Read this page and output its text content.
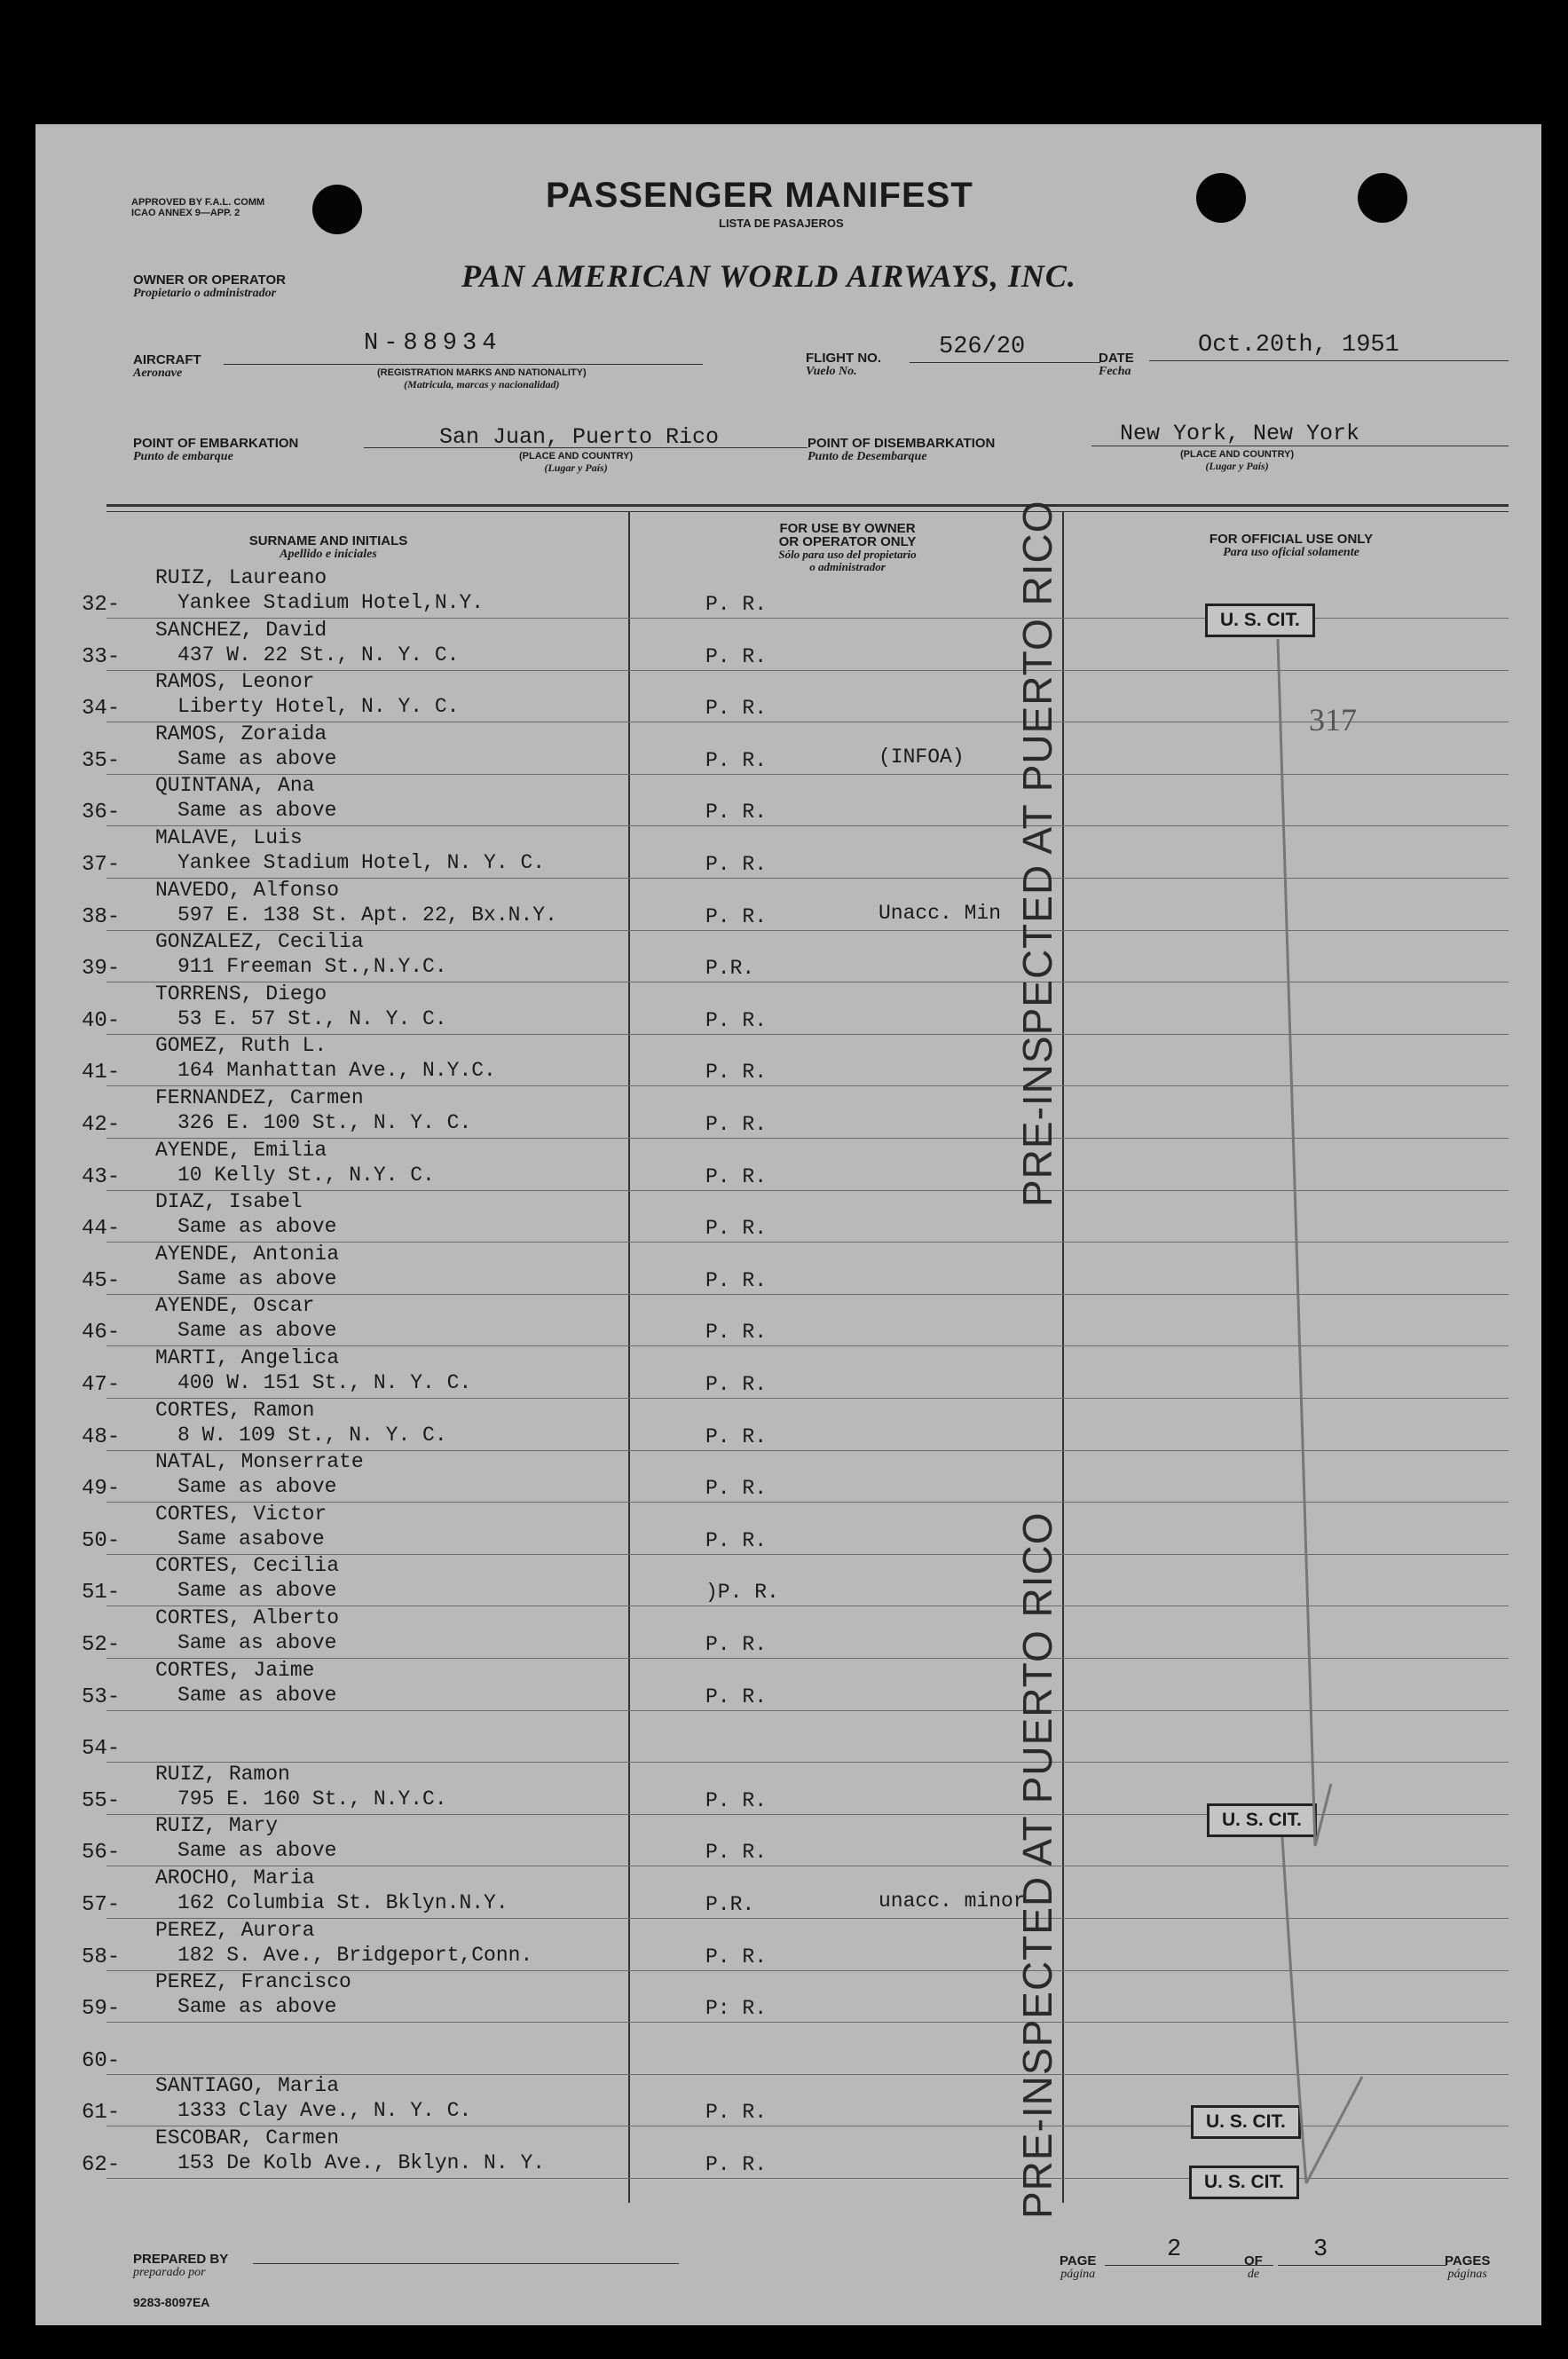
APPROVED BY F.A.L. COMM
ICAO ANNEX 9—APP. 2	PASSENGER MANIFEST
LISTA DE PASAJEROS
OWNER OR OPERATOR
Propietario o administrador	PAN AMERICAN WORLD AIRWAYS, INC.
AIRCRAFT
Aeronave
N-88934
(REGISTRATION MARKS AND NATIONALITY)
(Matricula, marcas y nacionalidad)
FLIGHT NO.
Vuelo No.
526/20	DATE
Fecha
Oct.20th, 1951
POINT OF EMBARKATION
Punto de embarque
San Juan, Puerto Rico
(PLACE AND COUNTRY)
(Lugar y País)
POINT OF DISEMBARKATION
Punto de Desembarque
New York, New York
(PLACE AND COUNTRY)
(Lugar y País)
SURNAME AND INITIALS
Apellido e iniciales
FOR USE BY OWNER
OR OPERATOR ONLY
Sólo para uso del propietario
o administrador
FOR OFFICIAL USE ONLY
Para uso oficial solamente
RUIZ, Laureano
Yankee Stadium Hotel,N.Y.
32-	P. R.
SANCHEZ, David
437 W. 22 St., N. Y. C.
33-	P. R.
RAMOS, Leonor
Liberty Hotel, N. Y. C.
34-	P. R.
RAMOS, Zoraida
Same as above
35-	P. R.	(INFOA)
QUINTANA, Ana
Same as above
36-	P. R.
MALAVE, Luis
Yankee Stadium Hotel, N. Y. C.
37-	P. R.
NAVEDO, Alfonso
597 E. 138 St. Apt. 22, Bx.N.Y.
38-	P. R.	Unacc. Min
GONZALEZ, Cecilia
911 Freeman St.,N.Y.C.
39-	P.R.
TORRENS, Diego
53 E. 57 St., N. Y. C.
40-	P. R.
GOMEZ, Ruth L.
164 Manhattan Ave., N.Y.C.
41-	P. R.
FERNANDEZ, Carmen
326 E. 100 St., N. Y. C.
42-	P. R.
AYENDE, Emilia
10 Kelly St., N.Y. C.
43-	P. R.
DIAZ, Isabel
Same as above
44-	P. R.
AYENDE, Antonia
Same as above
45-	P. R.
AYENDE, Oscar
Same as above
46-	P. R.
MARTI, Angelica
400 W. 151 St., N. Y. C.
47-	P. R.
CORTES, Ramon
8 W. 109 St., N. Y. C.
48-	P. R.
NATAL, Monserrate
Same as above
49-	P. R.
CORTES, Victor
Same asabove
50-	P. R.
CORTES, Cecilia
Same as above
51-	)P. R.
CORTES, Alberto
Same as above
52-	P. R.
CORTES, Jaime
Same as above
53-	P. R.
54-
RUIZ, Ramon
795 E. 160 St., N.Y.C.
55-	P. R.
RUIZ, Mary
Same as above
56-	P. R.
AROCHO, Maria
162 Columbia St. Bklyn.N.Y.
57-	P.R.	unacc. minor
PEREZ, Aurora
182 S. Ave., Bridgeport,Conn.
58-	P. R.
PEREZ, Francisco
Same as above
59-	P: R.
60-
SANTIAGO, Maria
1333 Clay Ave., N. Y. C.
61-	P. R.
ESCOBAR, Carmen
153 De Kolb Ave., Bklyn. N. Y.
62-	P. R.
U. S. CIT.
U. S. CIT.
U. S. CIT.
U. S. CIT.
317
PRE-INSPECTED AT PUERTO RICO
PRE-INSPECTED AT PUERTO RICO
PREPARED BY
preparado por
PAGE
página
2	OF
de
3	PAGES
páginas
9283-8097EA
